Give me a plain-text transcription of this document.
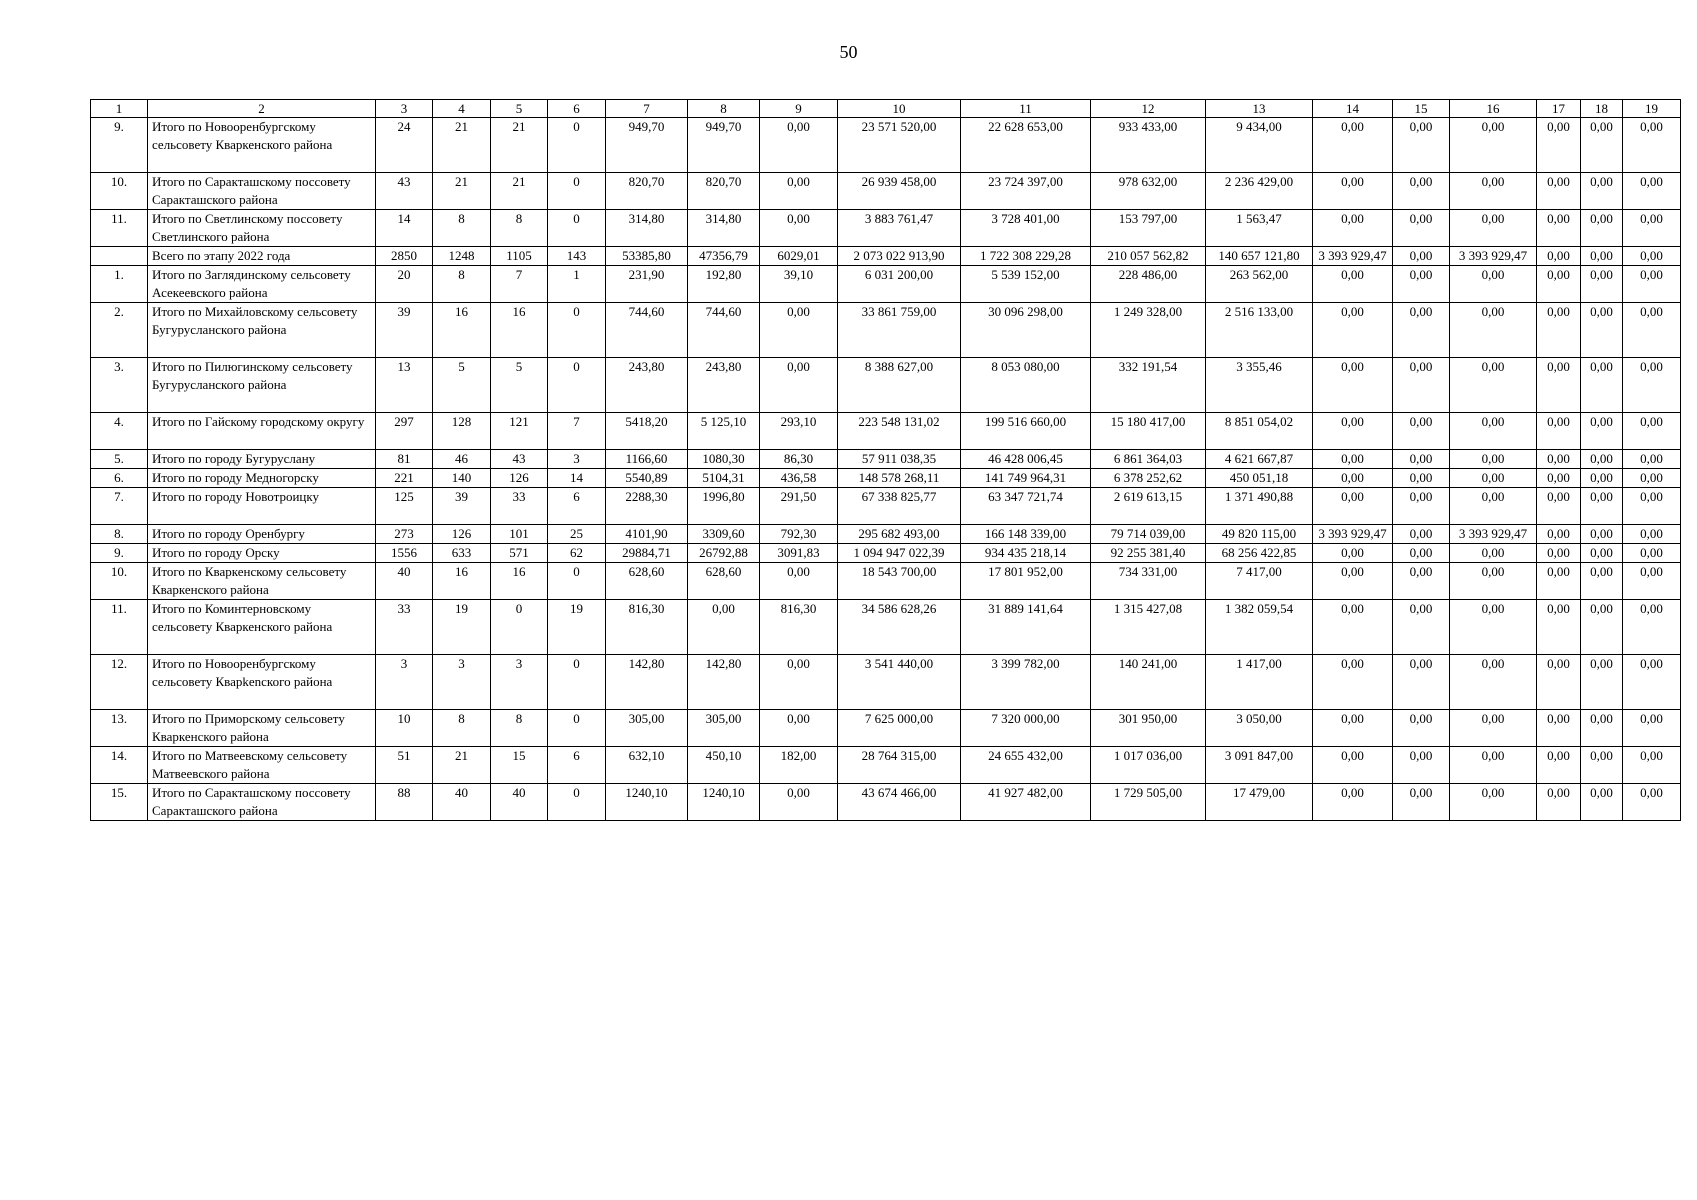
50
1	2	3	4	5	6	7	8	9	10	11	12	13	14	15	16	17	18	19
9.	Итого по Новооренбургскому сельсовету Кваркенского района	24	21	21	0	949,70	949,70	0,00	23 571 520,00	22 628 653,00	933 433,00	9 434,00	0,00	0,00	0,00	0,00	0,00	0,00
10.	Итого по Саракташскому поссовету Саракташского района	43	21	21	0	820,70	820,70	0,00	26 939 458,00	23 724 397,00	978 632,00	2 236 429,00	0,00	0,00	0,00	0,00	0,00	0,00
11.	Итого по Светлинскому поссовету Светлинского района	14	8	8	0	314,80	314,80	0,00	3 883 761,47	3 728 401,00	153 797,00	1 563,47	0,00	0,00	0,00	0,00	0,00	0,00
	Всего по этапу 2022 года	2850	1248	1105	143	53385,80	47356,79	6029,01	2 073 022 913,90	1 722 308 229,28	210 057 562,82	140 657 121,80	3 393 929,47	0,00	3 393 929,47	0,00	0,00	0,00
1.	Итого по Заглядинскому сельсовету Асекеевского района	20	8	7	1	231,90	192,80	39,10	6 031 200,00	5 539 152,00	228 486,00	263 562,00	0,00	0,00	0,00	0,00	0,00	0,00
2.	Итого по Михайловскому сельсовету Бугурусланского района	39	16	16	0	744,60	744,60	0,00	33 861 759,00	30 096 298,00	1 249 328,00	2 516 133,00	0,00	0,00	0,00	0,00	0,00	0,00
3.	Итого по Пилюгинскому сельсовету Бугурусланского района	13	5	5	0	243,80	243,80	0,00	8 388 627,00	8 053 080,00	332 191,54	3 355,46	0,00	0,00	0,00	0,00	0,00	0,00
4.	Итого по Гайскому городскому округу	297	128	121	7	5418,20	5 125,10	293,10	223 548 131,02	199 516 660,00	15 180 417,00	8 851 054,02	0,00	0,00	0,00	0,00	0,00	0,00
5.	Итого по городу Бугуруслану	81	46	43	3	1166,60	1080,30	86,30	57 911 038,35	46 428 006,45	6 861 364,03	4 621 667,87	0,00	0,00	0,00	0,00	0,00	0,00
6.	Итого по городу Медногорску	221	140	126	14	5540,89	5104,31	436,58	148 578 268,11	141 749 964,31	6 378 252,62	450 051,18	0,00	0,00	0,00	0,00	0,00	0,00
7.	Итого по городу Новотроицку	125	39	33	6	2288,30	1996,80	291,50	67 338 825,77	63 347 721,74	2 619 613,15	1 371 490,88	0,00	0,00	0,00	0,00	0,00	0,00
8.	Итого по городу Оренбургу	273	126	101	25	4101,90	3309,60	792,30	295 682 493,00	166 148 339,00	79 714 039,00	49 820 115,00	3 393 929,47	0,00	3 393 929,47	0,00	0,00	0,00
9.	Итого по городу Орску	1556	633	571	62	29884,71	26792,88	3091,83	1 094 947 022,39	934 435 218,14	92 255 381,40	68 256 422,85	0,00	0,00	0,00	0,00	0,00	0,00
10.	Итого по Кваркенскому сельсовету Кваркенского района	40	16	16	0	628,60	628,60	0,00	18 543 700,00	17 801 952,00	734 331,00	7 417,00	0,00	0,00	0,00	0,00	0,00	0,00
11.	Итого по Коминтерновскому сельсовету Кваркенского района	33	19	0	19	816,30	0,00	816,30	34 586 628,26	31 889 141,64	1 315 427,08	1 382 059,54	0,00	0,00	0,00	0,00	0,00	0,00
12.	Итого по Новооренбургскому сельсовету Кварkenского района	3	3	3	0	142,80	142,80	0,00	3 541 440,00	3 399 782,00	140 241,00	1 417,00	0,00	0,00	0,00	0,00	0,00	0,00
13.	Итого по Приморскому сельсовету Кваркенского района	10	8	8	0	305,00	305,00	0,00	7 625 000,00	7 320 000,00	301 950,00	3 050,00	0,00	0,00	0,00	0,00	0,00	0,00
14.	Итого по Матвеевскому сельсовету Матвеевского района	51	21	15	6	632,10	450,10	182,00	28 764 315,00	24 655 432,00	1 017 036,00	3 091 847,00	0,00	0,00	0,00	0,00	0,00	0,00
15.	Итого по Саракташскому поссовету Саракташского района	88	40	40	0	1240,10	1240,10	0,00	43 674 466,00	41 927 482,00	1 729 505,00	17 479,00	0,00	0,00	0,00	0,00	0,00	0,00
